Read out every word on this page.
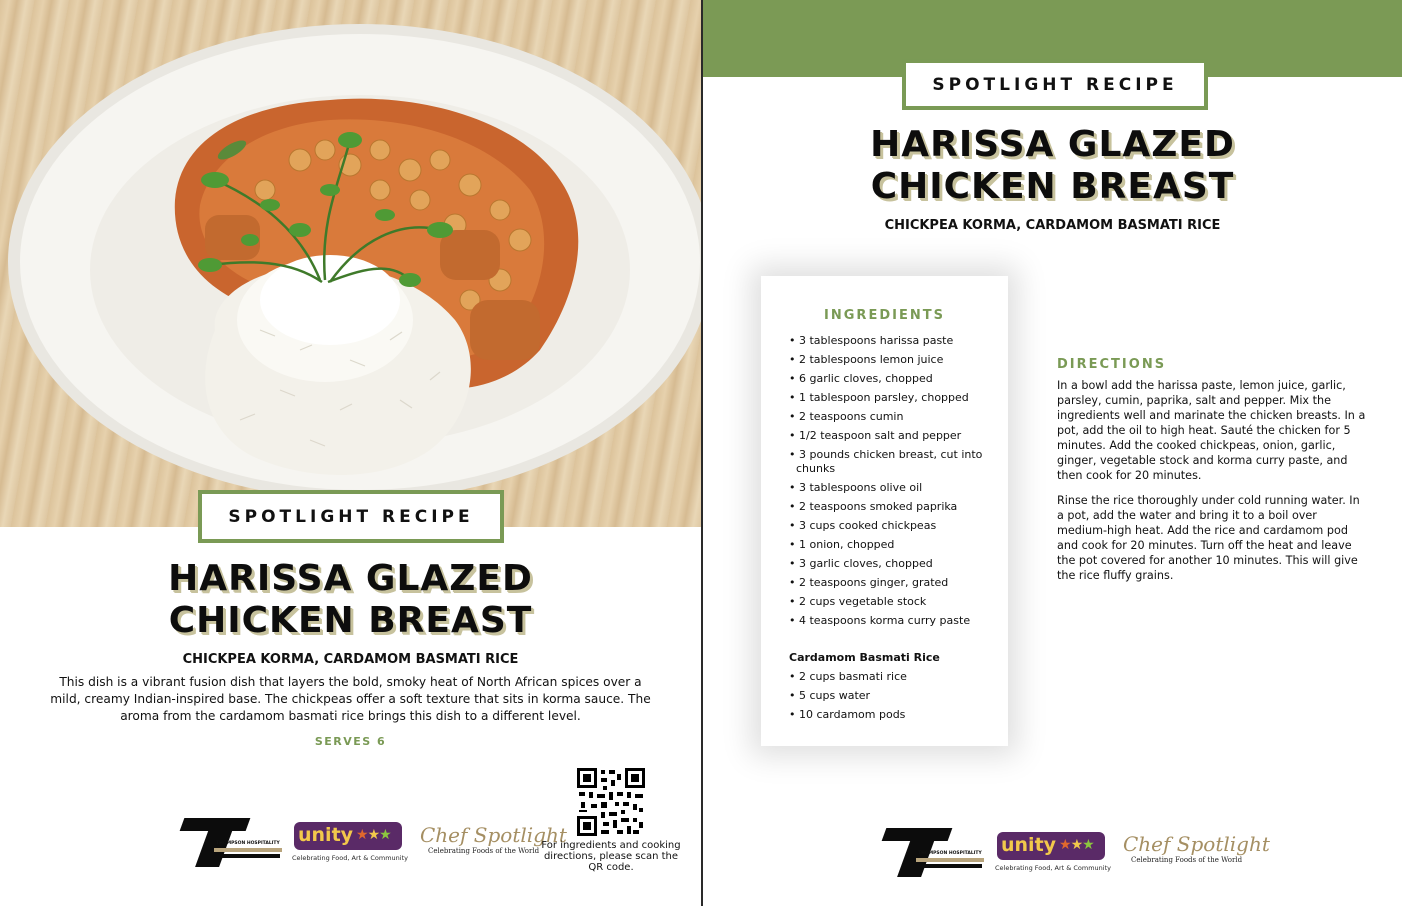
SPOTLIGHT RECIPE
HARISSA GLAZED
CHICKEN BREAST
CHICKPEA KORMA, CARDAMOM BASMATI RICE
This dish is a vibrant fusion dish that layers the bold, smoky heat of North African spices over a mild, creamy Indian-inspired base. The chickpeas offer a soft texture that sits in korma sauce. The aroma from the cardamom basmati rice brings this dish to a different level.
SERVES 6
THOMPSON HOSPITALITY unity ★★★
Celebrating Food, Art & Community
Chef Spotlight
Celebrating Foods of the World For ingredients and cooking directions, please scan the QR code.
SPOTLIGHT RECIPE
HARISSA GLAZED
CHICKEN BREAST
CHICKPEA KORMA, CARDAMOM BASMATI RICE
INGREDIENTS
• 3 tablespoons harissa paste
• 2 tablespoons lemon juice
• 6 garlic cloves, chopped
• 1 tablespoon parsley, chopped
• 2 teaspoons cumin
• 1/2 teaspoon salt and pepper
• 3 pounds chicken breast, cut into chunks
• 3 tablespoons olive oil
• 2 teaspoons smoked paprika
• 3 cups cooked chickpeas
• 1 onion, chopped
• 3 garlic cloves, chopped
• 2 teaspoons ginger, grated
• 2 cups vegetable stock
• 4 teaspoons korma curry paste
Cardamom Basmati Rice
• 2 cups basmati rice
• 5 cups water
• 10 cardamom pods
DIRECTIONS

In a bowl add the harissa paste, lemon juice, garlic, parsley, cumin, paprika, salt and pepper. Mix the ingredients well and marinate the chicken breasts. In a pot, add the oil to high heat. Sauté the chicken for 5 minutes. Add the cooked chickpeas, onion, garlic, ginger, vegetable stock and korma curry paste, and then cook for 20 minutes.

Rinse the rice thoroughly under cold running water. In a pot, add the water and bring it to a boil over medium-high heat. Add the rice and cardamom pod and cook for 20 minutes. Turn off the heat and leave the pot covered for another 10 minutes. This will give the rice fluffy grains.

THOMPSON HOSPITALITY unity ★★★
Celebrating Food, Art & Community
Chef Spotlight
Celebrating Foods of the World
